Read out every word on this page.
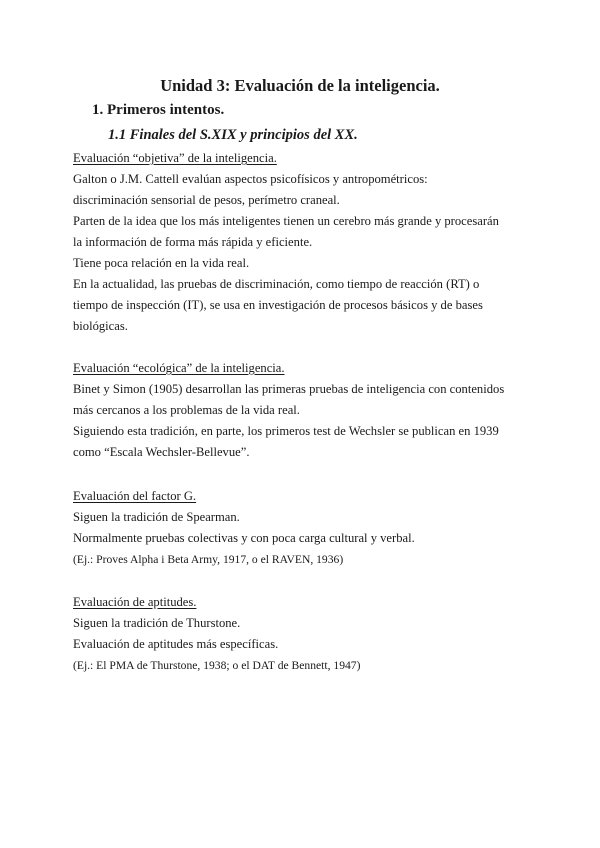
Unidad 3: Evaluación de la inteligencia.
1. Primeros intentos.
1.1 Finales del S.XIX y principios del XX.
Evaluación “objetiva” de la inteligencia.
Galton o J.M. Cattell evalúan aspectos psicofísicos y antropométricos:
discriminación sensorial de pesos, perímetro craneal.
Parten de la idea que los más inteligentes tienen un cerebro más grande y procesarán
la información de forma más rápida y eficiente.
Tiene poca relación en la vida real.
En la actualidad, las pruebas de discriminación, como tiempo de reacción (RT) o
tiempo de inspección (IT), se usa en investigación de procesos básicos y de bases
biológicas.
Evaluación “ecológica” de la inteligencia.
Binet y Simon (1905) desarrollan las primeras pruebas de inteligencia con contenidos
más cercanos a los problemas de la vida real.
Siguiendo esta tradición, en parte, los primeros test de Wechsler se publican en 1939
como “Escala Wechsler-Bellevue”.
Evaluación del factor G.
Siguen la tradición de Spearman.
Normalmente pruebas colectivas y con poca carga cultural y verbal.
(Ej.: Proves Alpha i Beta Army, 1917, o el RAVEN, 1936)
Evaluación de aptitudes.
Siguen la tradición de Thurstone.
Evaluación de aptitudes más específicas.
(Ej.: El PMA de Thurstone, 1938; o el DAT de Bennett, 1947)
